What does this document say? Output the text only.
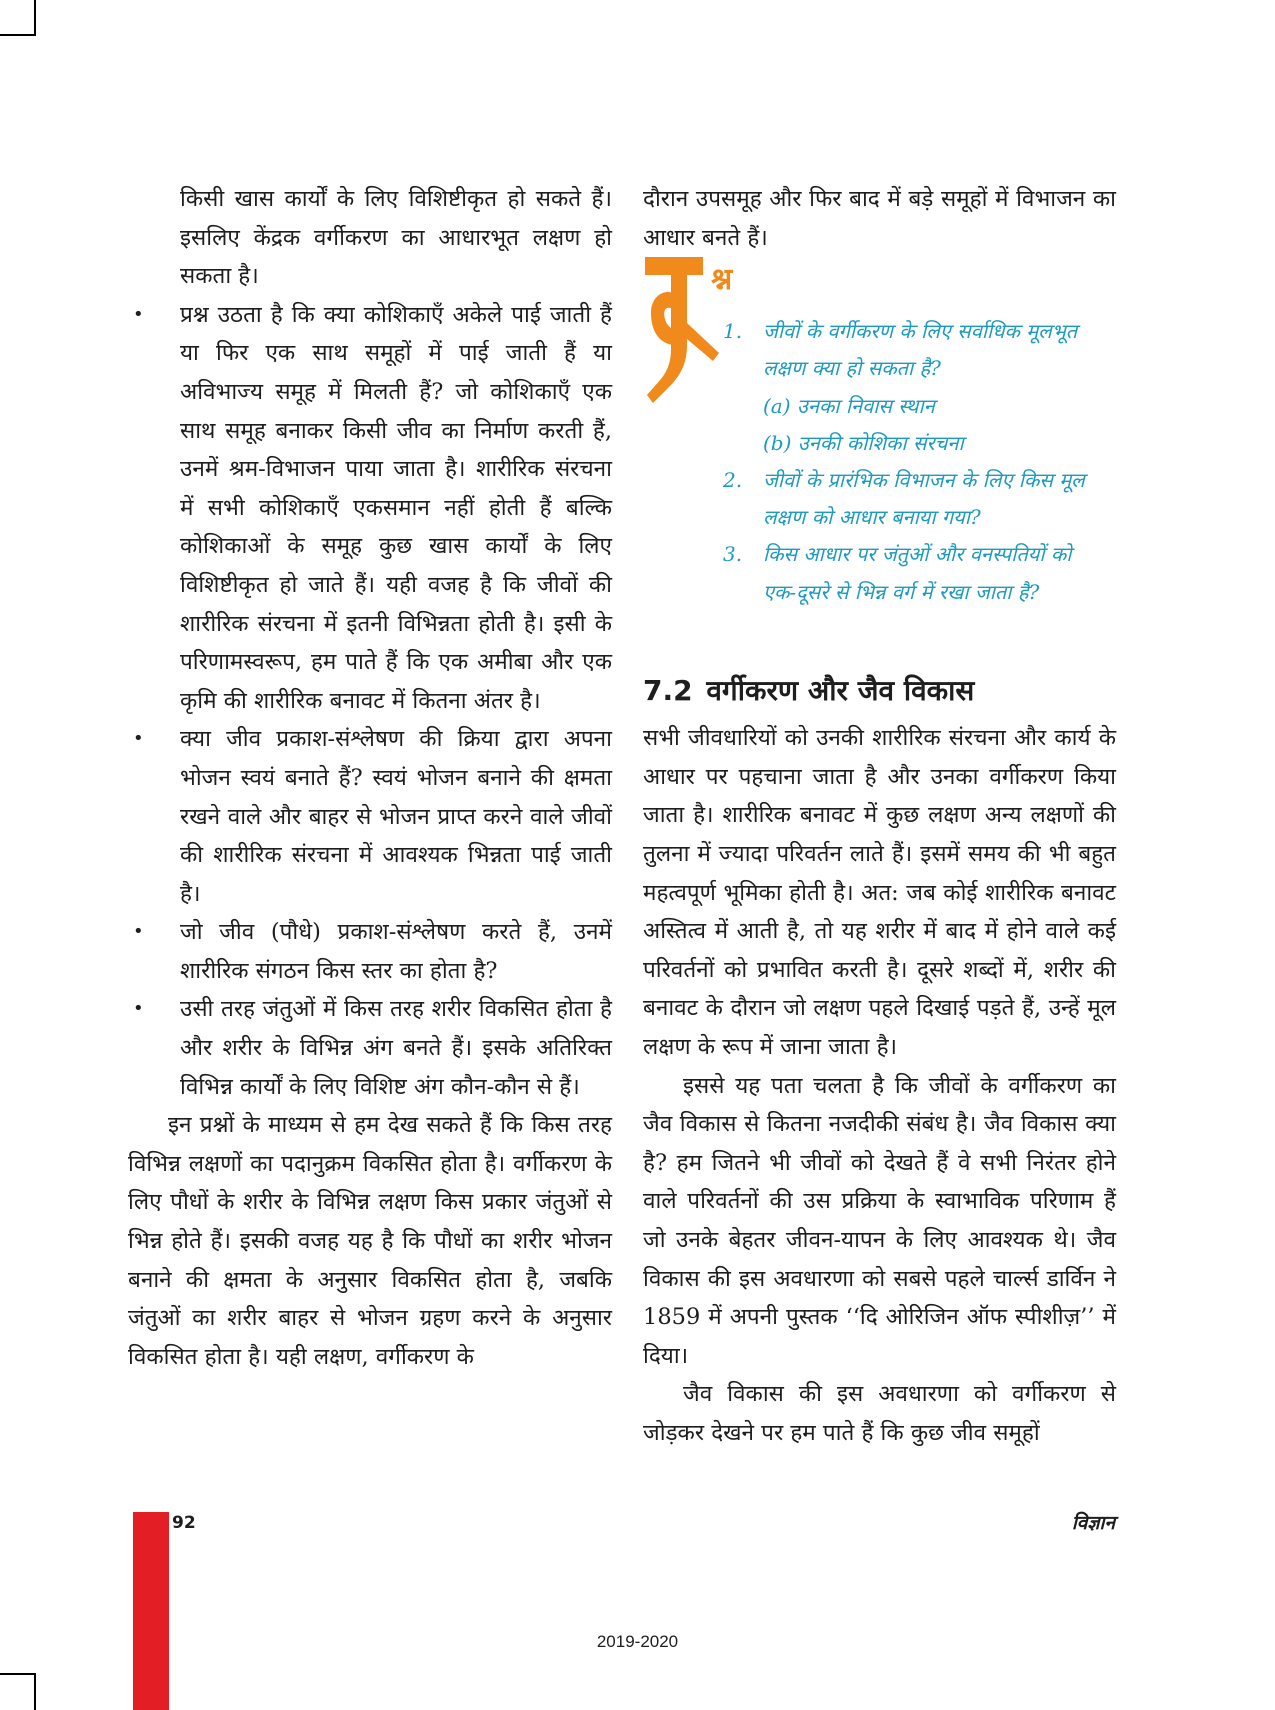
किसी खास कार्यों के लिए विशिष्टीकृत हो सकते हैं। इसलिए केंद्रक वर्गीकरण का आधारभूत लक्षण हो सकता है।

• प्रश्न उठता है कि क्या कोशिकाएँ अकेले पाई जाती हैं या फिर एक साथ समूहों में पाई जाती हैं या अविभाज्य समूह में मिलती हैं? जो कोशिकाएँ एक साथ समूह बनाकर किसी जीव का निर्माण करती हैं, उनमें श्रम-विभाजन पाया जाता है। शारीरिक संरचना में सभी कोशिकाएँ एकसमान नहीं होती हैं बल्कि कोशिकाओं के समूह कुछ खास कार्यों के लिए विशिष्टीकृत हो जाते हैं। यही वजह है कि जीवों की शारीरिक संरचना में इतनी विभिन्नता होती है। इसी के परिणामस्वरूप, हम पाते हैं कि एक अमीबा और एक कृमि की शारीरिक बनावट में कितना अंतर है।
• क्या जीव प्रकाश-संश्लेषण की क्रिया द्वारा अपना भोजन स्वयं बनाते हैं? स्वयं भोजन बनाने की क्षमता रखने वाले और बाहर से भोजन प्राप्त करने वाले जीवों की शारीरिक संरचना में आवश्यक भिन्नता पाई जाती है।
• जो जीव (पौधे) प्रकाश-संश्लेषण करते हैं, उनमें शारीरिक संगठन किस स्तर का होता है?
• उसी तरह जंतुओं में किस तरह शरीर विकसित होता है और शरीर के विभिन्न अंग बनते हैं। इसके अतिरिक्त विभिन्न कार्यों के लिए विशिष्ट अंग कौन-कौन से हैं।

इन प्रश्नों के माध्यम से हम देख सकते हैं कि किस तरह विभिन्न लक्षणों का पदानुक्रम विकसित होता है। वर्गीकरण के लिए पौधों के शरीर के विभिन्न लक्षण किस प्रकार जंतुओं से भिन्न होते हैं। इसकी वजह यह है कि पौधों का शरीर भोजन बनाने की क्षमता के अनुसार विकसित होता है, जबकि जंतुओं का शरीर बाहर से भोजन ग्रहण करने के अनुसार विकसित होता है। यही लक्षण, वर्गीकरण के

दौरान उपसमूह और फिर बाद में बड़े समूहों में विभाजन का आधार बनते हैं।

श्न
1. जीवों के वर्गीकरण के लिए सर्वाधिक मूलभूत लक्षण क्या हो सकता है?
(a) उनका निवास स्थान
(b) उनकी कोशिका संरचना
2. जीवों के प्रारंभिक विभाजन के लिए किस मूल लक्षण को आधार बनाया गया?
3. किस आधार पर जंतुओं और वनस्पतियों को एक-दूसरे से भिन्न वर्ग में रखा जाता है?
7.2 वर्गीकरण और जैव विकास

सभी जीवधारियों को उनकी शारीरिक संरचना और कार्य के आधार पर पहचाना जाता है और उनका वर्गीकरण किया जाता है। शारीरिक बनावट में कुछ लक्षण अन्य लक्षणों की तुलना में ज्यादा परिवर्तन लाते हैं। इसमें समय की भी बहुत महत्वपूर्ण भूमिका होती है। अत: जब कोई शारीरिक बनावट अस्तित्व में आती है, तो यह शरीर में बाद में होने वाले कई परिवर्तनों को प्रभावित करती है। दूसरे शब्दों में, शरीर की बनावट के दौरान जो लक्षण पहले दिखाई पड़ते हैं, उन्हें मूल लक्षण के रूप में जाना जाता है।

इससे यह पता चलता है कि जीवों के वर्गीकरण का जैव विकास से कितना नजदीकी संबंध है। जैव विकास क्या है? हम जितने भी जीवों को देखते हैं वे सभी निरंतर होने वाले परिवर्तनों की उस प्रक्रिया के स्वाभाविक परिणाम हैं जो उनके बेहतर जीवन-यापन के लिए आवश्यक थे। जैव विकास की इस अवधारणा को सबसे पहले चार्ल्स डार्विन ने 1859 में अपनी पुस्तक ‘‘दि ओरिजिन ऑफ स्पीशीज़’’ में दिया।

जैव विकास की इस अवधारणा को वर्गीकरण से जोड़कर देखने पर हम पाते हैं कि कुछ जीव समूहों

92	विज्ञान
2019-2020
